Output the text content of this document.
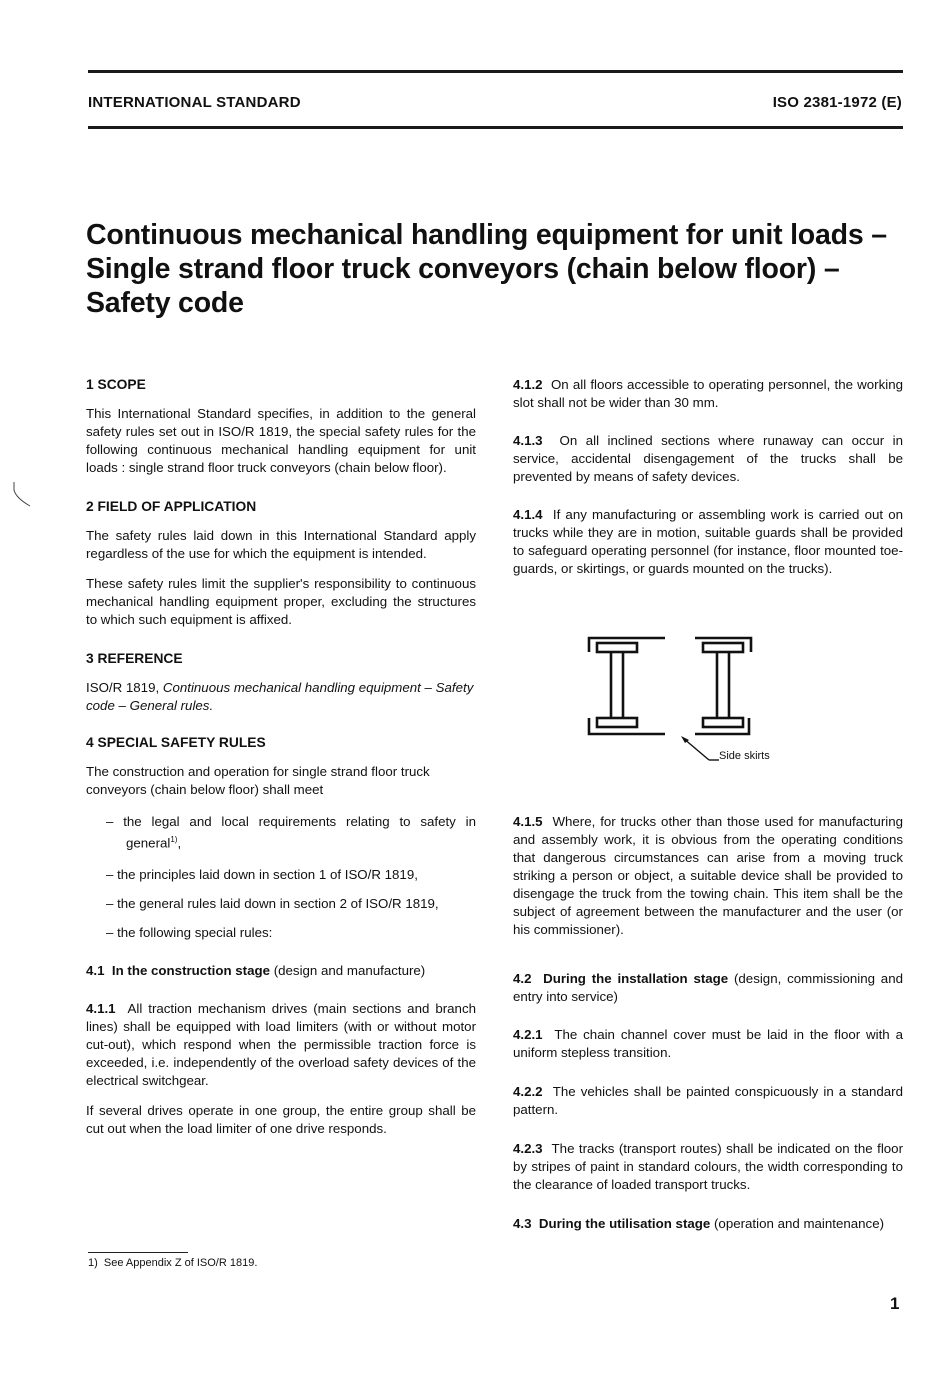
INTERNATIONAL STANDARD	ISO 2381-1972 (E)
Continuous mechanical handling equipment for unit loads –
Single strand floor truck conveyors (chain below floor) –
Safety code

1 SCOPE

This International Standard specifies, in addition to the general safety rules set out in ISO/R 1819, the special safety rules for the following continuous mechanical handling equipment for unit loads : single strand floor truck conveyors (chain below floor).

2 FIELD OF APPLICATION

The safety rules laid down in this International Standard apply regardless of the use for which the equipment is intended.

These safety rules limit the supplier's responsibility to continuous mechanical handling equipment proper, excluding the structures to which such equipment is affixed.

3 REFERENCE

ISO/R 1819, Continuous mechanical handling equipment – Safety code – General rules.

4 SPECIAL SAFETY RULES

The construction and operation for single strand floor truck conveyors (chain below floor) shall meet

– the legal and local requirements relating to safety in general$^{1)}$,

– the principles laid down in section 1 of ISO/R 1819,

– the general rules laid down in section 2 of ISO/R 1819,

– the following special rules:

4.1 In the construction stage (design and manufacture)

4.1.1 All traction mechanism drives (main sections and branch lines) shall be equipped with load limiters (with or without motor cut-out), which respond when the permissible traction force is exceeded, i.e. independently of the overload safety devices of the electrical switchgear.

If several drives operate in one group, the entire group shall be cut out when the load limiter of one drive responds.

1) See Appendix Z of ISO/R 1819.

4.1.2 On all floors accessible to operating personnel, the working slot shall not be wider than 30 mm.

4.1.3 On all inclined sections where runaway can occur in service, accidental disengagement of the trucks shall be prevented by means of safety devices.

4.1.4 If any manufacturing or assembling work is carried out on trucks while they are in motion, suitable guards shall be provided to safeguard operating personnel (for instance, floor mounted toe-guards, or skirtings, or guards mounted on the trucks).

Side skirts

4.1.5 Where, for trucks other than those used for manufacturing and assembly work, it is obvious from the operating conditions that dangerous circumstances can arise from a moving truck striking a person or object, a suitable device shall be provided to disengage the truck from the towing chain. This item shall be the subject of agreement between the manufacturer and the user (or his commissioner).

4.2 During the installation stage (design, commissioning and entry into service)

4.2.1 The chain channel cover must be laid in the floor with a uniform stepless transition.

4.2.2 The vehicles shall be painted conspicuously in a standard pattern.

4.2.3 The tracks (transport routes) shall be indicated on the floor by stripes of paint in standard colours, the width corresponding to the clearance of loaded transport trucks.

4.3 During the utilisation stage (operation and maintenance)

1
